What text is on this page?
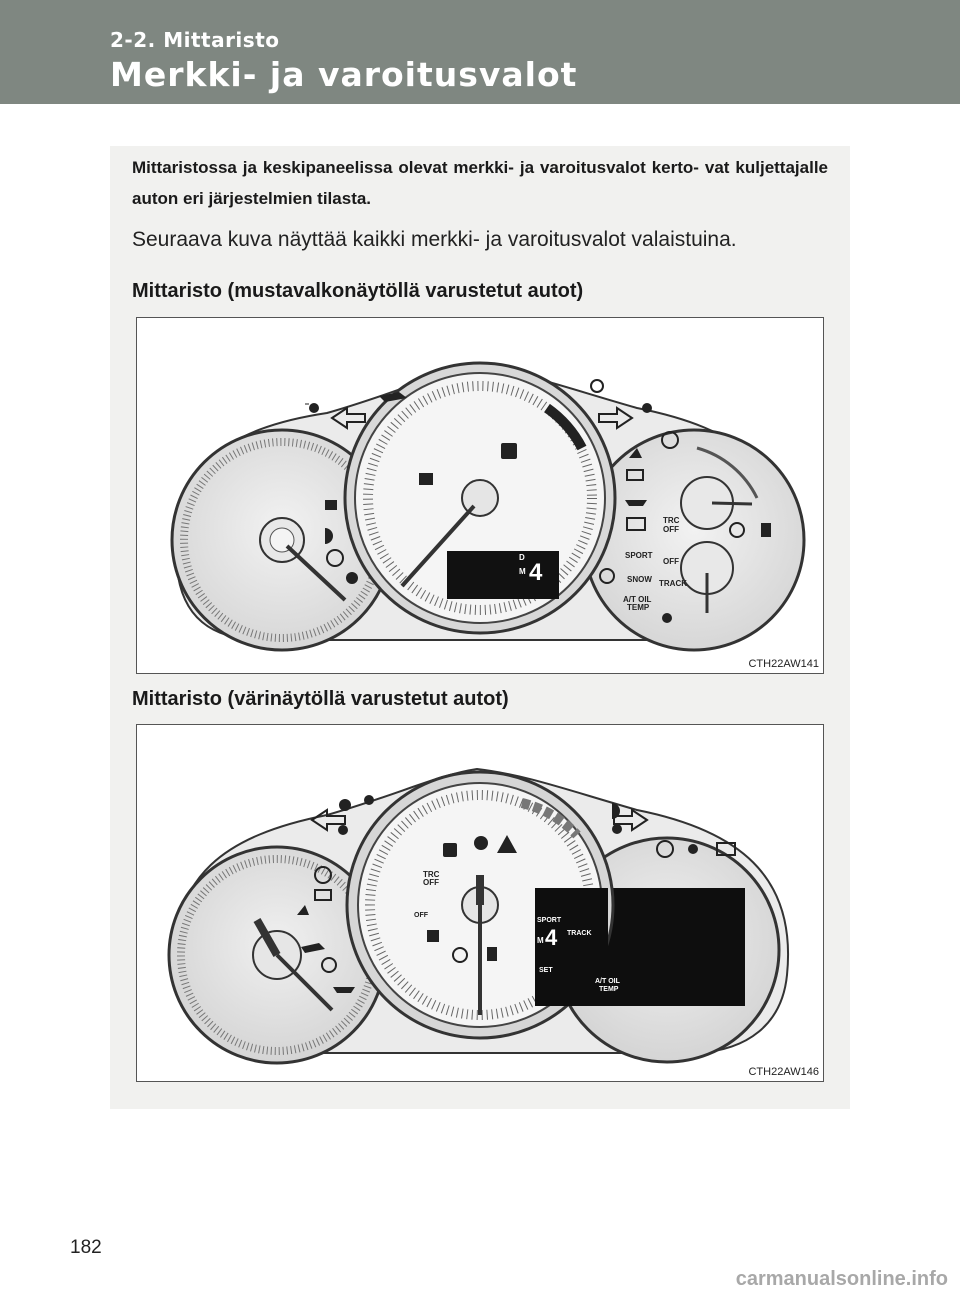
2-2. Mittaristo
Merkki- ja varoitusvalot
Mittaristossa ja keskipaneelissa olevat merkki- ja varoitusvalot kerto- vat kuljettajalle auton eri järjestelmien tilasta.
Seuraava kuva näyttää kaikki merkki- ja varoitusvalot valaistuina.
Mittaristo (mustavalkonäytöllä varustetut autot)
D
M 4
TRC
OFF
SPORT
OFF
SNOW TRACK
A/T OIL
TEMP
CTH22AW141
Mittaristo (värinäytöllä varustetut autot)
TRC
OFF
OFF
SPORT
M 4 TRACK
SET
A/T OIL
TEMP
CTH22AW146
182
carmanualsonline.info
